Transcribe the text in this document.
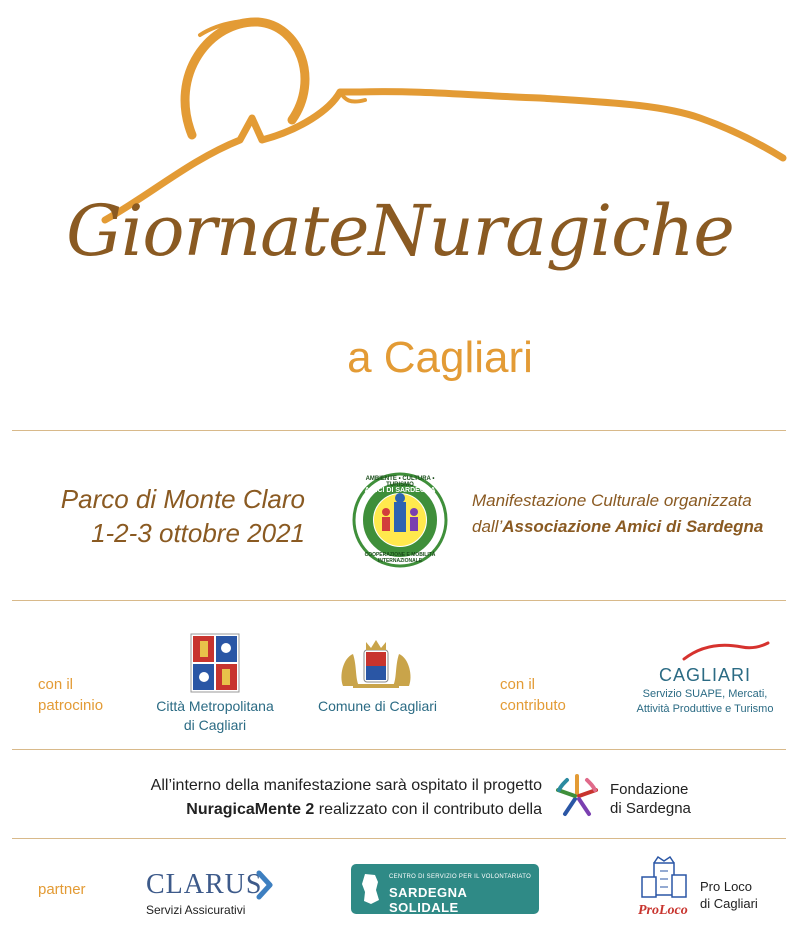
GiornateNuragiche
a Cagliari
Parco di Monte Claro
1-2-3 ottobre 2021
AMBIENTE • CULTURA • TURISMO
AMICI DI SARDEGNA
COOPERAZIONE E MOBILITÀ INTERNAZIONALE
Manifestazione Culturale organizzata
dall’Associazione Amici di Sardegna
con il
patrocinio	Città Metropolitana
di Cagliari
Comune di Cagliari
con il
contributo
CAGLIARI
Servizio SUAPE, Mercati,
Attività Produttive e Turismo
All’interno della manifestazione sarà ospitato il progetto
NuragicaMente 2 realizzato con il contributo della
Fondazione
di Sardegna
partner CLARUS
Servizi Assicurativi
CENTRO DI SERVIZIO PER IL VOLONTARIATO
SARDEGNA SOLIDALE	ProLoco
Pro Loco
di Cagliari
